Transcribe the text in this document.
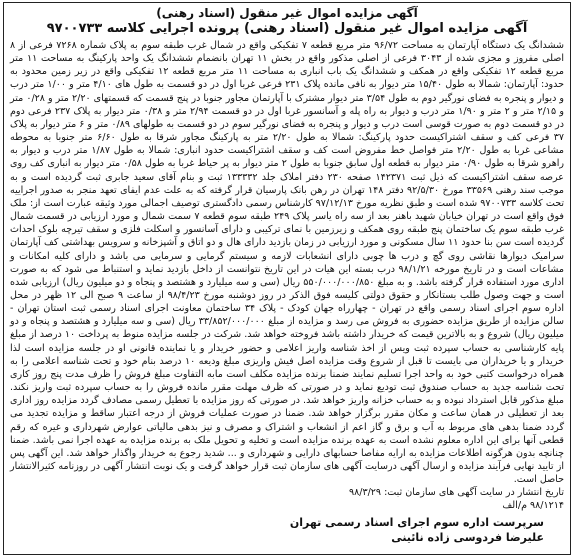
آگهی مزایده اموال غیر منقول (اسناد رهنی)

آگهی مزایده اموال غیر منقول (اسناد رهنی) پرونده اجرایی کلاسه ۹۷۰۰۷۳۳

ششدانگ یک دستگاه آپارتمان به مساحت ۹۶/۷۲ متر مربع قطعه ۷ تفکیکی واقع در شمال غرب طبقه سوم به پلاک شماره ۷۲۶۸ فرعی از ۸ اصلی مفروز و مجزی شده از ۳۰۴۳ فرعی از اصلی مذکور واقع در بخش ۱۱ تهران بانضمام ششدانگ یک واحد پارکینگ به مساحت ۱۱ متر مربع قطعه ۱۲ تفکیکی واقع در همکف و ششدانگ یک باب انباری به مساحت ۱۱ متر مربع قطعه ۱۲ تفکیکی واقع در زیر زمین محدود به حدود: آپارتمان: شمالا به طول ۱۵/۴۰ متر دیوار به نافی مانده پلاک ۲۳۱ فرعی غربا اول در دو قسمت به طول های ۴/۱۰ متر و ۱/۰۰ متر درب و دیوار و پنجره به فضای نورگیر دوم به طول ۳/۵۴ متر دیوار مشترک با آپارتمان مجاور جنوبا در پنج قسمت که قسمتهای ۲/۲۰ متر و ۰/۲۸ متر و ۲/۱۵ متر و ۲ متر و ۱/۹۰ متر درب و دیوار به راه پله و آسانسور غربا اول در دو قسمت ۲/۹۴ متر و ۰/۳۸ متر دیوار به پلاک ۲۳۷ فرعی دوم در دو قسمت دوم به صورت قوسی است درب و دیوار و پنجره به فضای نورگیر سوم در دو قسمت به طولهای ۰/۸۹ متر و ۶ متر دیوار به پلاک ۳۷ فرعی کف و سقف اشتراکیست حدود پارکینگ: شمالا به طول ۲/۲۰ متر به پارکینگ مجاور شرقا به طول ۶/۶۰ متر جنوبا به محوطه مشاعی غربا به طول ۲/۲۰ متر فواصل خط مفروض است کف و سقف اشتراکیست حدود انباری: شمالا به طول ۱/۸۷ متر درب و دیوار به راهرو شرقا به طول ۰/۹۰ متر دیوار به قطعه اول سابق جنوبا به طول ۲ متر دیوار به پر حیاط غربا به طول ۰/۵۸ متر دیوار به انباری کف روی عرصه سقف اشتراکیست که ذیل ثبت ۱۴۲۳۷۱ صفحه ۲۳۰ دفتر املاک جلد ۱۳۳۳۳۲ ثبت و بنام آقای سعید جابری ثبت گردیده است و به موجب سند رهنی ۳۳۵۶۹ مورخ ۹۲/۵/۳۰ دفتر ۱۴۸ تهران در رهن بانک پارسیان قرار گرفته که به علت عدم ایفای تعهد منجر به صدور اجراییه تحت کلاسه ۹۷۰۰۷۳۳ شده است و طبق نظریه مورخ ۹۷/۱۲/۱۳ کارشناس رسمی دادگستری توصیف اجمالی مورد وثیقه عبارت است از: ملک فوق واقع است در تهران خیابان شهید باهنر بعد از سه راه یاسر پلاک ۲۴۹ طبقه سوم قطعه ۷ سمت شمال و مورد ارزیابی در قسمت شمال غرب طبقه سوم یک ساختمان پنج طبقه روی همکف و زیرزمین با نمای ترکیبی و دارای آسانسور و اسکلت فلزی و سقف تیرچه بلوک احداث گردیده است سن بنا حدود ۱۱ سال مسکونی و مورد ارزیابی در زمان بازدید دارای هال و دو اتاق و آشپزخانه و سرویس بهداشتی کف آپارتمان سرامیک دیوارها نقاشی روی گچ و درب ها چوبی دارای انشعابات لازمه و سیستم گرمایی و سرمایی می باشد و دارای کلیه امکانات و مشاعات است و در تاریخ مورخه ۹۸/۱/۲۱ درب بسته این هیات در این تاریخ نتوانست از داخل بازدید نماید و استنباط می شود که به صورت اداری مورد استفاده قرار گرفته باشد. و به مبلغ ۵۵۰/۰۰۰/۰۰۰/۸۵۰ ریال (سی و سه میلیارد و هشتصد و پنجاه و دو میلیون ریال) ارزیابی شده است و جهت وصول طلب بستانکار و حقوق دولتی کلیسه فوق الذکر در روز دوشنبه مورخ ۹۸/۴/۲۳ از ساعت ۹ صبح الی ۱۲ ظهر در محل اداره سوم اجرای اسناد رسمی واقع در تهران - چهارراه جهان کودک - پلاک ۳۴ ساختمان معاونت اجرای اسناد رسمی ثبت استان تهران - سالن مزایده از طریق مزایده حضوری به فروش می رسد و مزایده از مبلغ ۳۳/۸۵۲/۰۰۰/۰۰۰ ریال (سی و سه میلیارد و هشتصد و پنجاه و دو میلیون ریال) شروع و به بالاترین قیمت که خریدار داشته باشد فروخته خواهد شد. شرکت در جلسه مزایده منوط به پرداخت ۱۰ درصد از مبلغ پایه کارشناسی به حساب سپرده ثبت ویس از اخذ شناسه واریز اعلامی و حضور خریدار و یا نماینده قانونی او در جلسه مزایده است لذا خریدار و یا خریداران می بایست تا قبل از شروع وقت مزایده اصل فیش واریزی مبلغ ودیعه ۱۰ درصد بنام خود و تحت شناسه اعلامی را به همراه درخواست کتبی خود به واحد اجرا تسلیم نمایند ضمنا برنده مزایده مکلف است مابه التفاوت مبلغ فروش را ظرف مدت پنج روز کاری تحت شناسه جدید به حساب صندوق ثبت تودیع نماید و در صورتی که ظرف مهلت مقرر مانده فروش را به حساب سپرده ثبت واریز نکند. مبلغ مذکور قابل استرداد نبوده و به حساب خزانه واریز خواهد شد. در صورتی که روز مزایده با تعطیل رسمی مصادف گردد مزایده روز اداری بعد از تعطیلی در همان ساعت و مکان مقرر برگزار خواهد شد. ضمنا در صورت عملیات فروش از درجه اعتبار ساقط و مزایده تجدید می گردد ضمنا بدهی های مربوط به آب و برق و گاز اعم از انشعاب و اشتراک و مصرف و نیز بدهی مالیاتی عوارض شهرداری و غیره که رقم قطعی آنها برای این اداره معلوم نشده است به عهده برنده مزایده است و تخلیه و تحویل ملک به برنده مزایده به عهده اجرا نمی باشد. ضمنا چنانچه بدون هرگونه اطلاعات مزایده به ارایه مفاصا حسابهای دارایی و شهرداری و ... شدید رجوع به خریدار واگذار خواهد شد. این آگهی پس از تایید نهایی فرآیند مزایده و ارسال آگهی درسایت آگهی های سازمان ثبت قرار خواهد گرفت و یک نوبت انتشار آگهی در روزنامه کثیرالانتشار حاصل است.
تاریخ انتشار در سایت آگهی های سازمان ثبت: ۹۸/۳/۲۹
۹۸/۱۲۱۴ م/الف

سرپرست اداره سوم اجرای اسناد رسمی تهران
علیرضا فردوسی زاده نائینی
